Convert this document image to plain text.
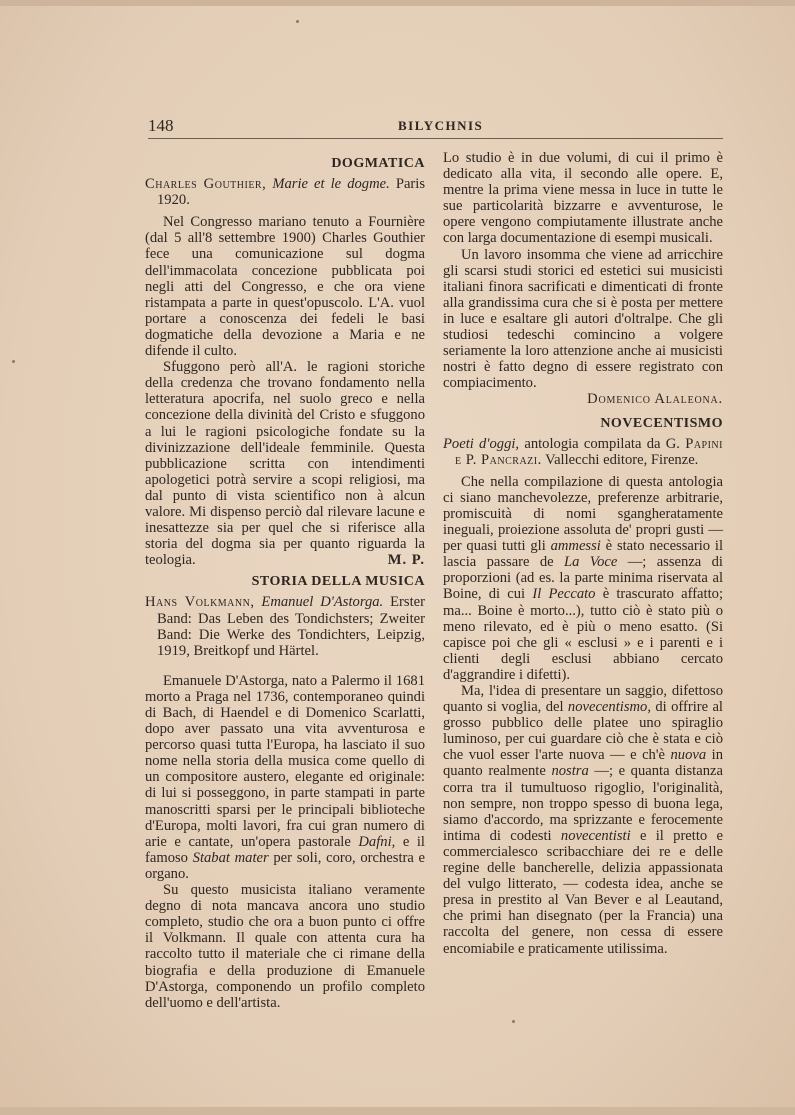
148	BILYCHNIS
DOGMATICA
Charles Gouthier, Marie et le dogme. Paris 1920.

Nel Congresso mariano tenuto a Fournière (dal 5 all'8 settembre 1900) Charles Gouthier fece una comunicazione sul dogma dell'immacolata concezione pubblicata poi negli atti del Congresso, e che ora viene ristampata a parte in quest'opuscolo. L'A. vuol portare a conoscenza dei fedeli le basi dogmatiche della devozione a Maria e ne difende il culto.

Sfuggono però all'A. le ragioni storiche della credenza che trovano fondamento nella letteratura apocrifa, nel suolo greco e nella concezione della divinità del Cristo e sfuggono a lui le ragioni psicologiche fondate su la divinizzazione dell'ideale femminile. Questa pubblicazione scritta con intendimenti apologetici potrà servire a scopi religiosi, ma dal punto di vista scientifico non à alcun valore. Mi dispenso perciò dal rilevare lacune e inesattezze sia per quel che si riferisce alla storia del dogma sia per quanto riguarda la teologia.	M. P.

STORIA DELLA MUSICA
Hans Volkmann, Emanuel D'Astorga. Erster Band: Das Leben des Tondichsters; Zweiter Band: Die Werke des Tondichters, Leipzig, 1919, Breitkopf und Härtel.

Emanuele D'Astorga, nato a Palermo il 1681 morto a Praga nel 1736, contemporaneo quindi di Bach, di Haendel e di Domenico Scarlatti, dopo aver passato una vita avventurosa e percorso quasi tutta l'Europa, ha lasciato il suo nome nella storia della musica come quello di un compositore austero, elegante ed originale: di lui si posseggono, in parte stampati in parte manoscritti sparsi per le principali biblioteche d'Europa, molti lavori, fra cui gran numero di arie e cantate, un'opera pastorale Dafni, e il famoso Stabat mater per soli, coro, orchestra e organo.

Su questo musicista italiano veramente degno di nota mancava ancora uno studio completo, studio che ora a buon punto ci offre il Volkmann. Il quale con attenta cura ha raccolto tutto il materiale che ci rimane della biografia e della produzione di Emanuele D'Astorga, componendo un profilo completo dell'uomo e dell'artista.

Lo studio è in due volumi, di cui il primo è dedicato alla vita, il secondo alle opere. E, mentre la prima viene messa in luce in tutte le sue particolarità bizzarre e avventurose, le opere vengono compiutamente illustrate anche con larga documentazione di esempi musicali.

Un lavoro insomma che viene ad arricchire gli scarsi studi storici ed estetici sui musicisti italiani finora sacrificati e dimenticati di fronte alla grandissima cura che si è posta per mettere in luce e esaltare gli autori d'oltralpe. Che gli studiosi tedeschi comincino a volgere seriamente la loro attenzione anche ai musicisti nostri è fatto degno di essere registrato con compiacimento.

Domenico Alaleona.
NOVECENTISMO
Poeti d'oggi, antologia compilata da G. Papini e P. Pancrazi. Vallecchi editore, Firenze.

Che nella compilazione di questa antologia ci siano manchevolezze, preferenze arbitrarie, promiscuità di nomi sgangheratamente ineguali, proiezione assoluta de' propri gusti — per quasi tutti gli ammessi è stato necessario il lascia passare de La Voce —; assenza di proporzioni (ad es. la parte minima riservata al Boine, di cui Il Peccato è trascurato affatto; ma... Boine è morto...), tutto ciò è stato più o meno rilevato, ed è più o meno esatto. (Si capisce poi che gli « esclusi » e i parenti e i clienti degli esclusi abbiano cercato d'aggrandire i difetti).

Ma, l'idea di presentare un saggio, difettoso quanto si voglia, del novecentismo, di offrire al grosso pubblico delle platee uno spiraglio luminoso, per cui guardare ciò che è stata e ciò che vuol esser l'arte nuova — e ch'è nuova in quanto realmente nostra —; e quanta distanza corra tra il tumultuoso rigoglio, l'originalità, non sempre, non troppo spesso di buona lega, siamo d'accordo, ma sprizzante e ferocemente intima di codesti novecentisti e il pretto e commercialesco scribacchiare dei re e delle regine delle bancherelle, delizia appassionata del vulgo litterato, — codesta idea, anche se presa in prestito al Van Bever e al Leautand, che primi han disegnato (per la Francia) una raccolta del genere, non cessa di essere encomiabile e praticamente utilissima.
